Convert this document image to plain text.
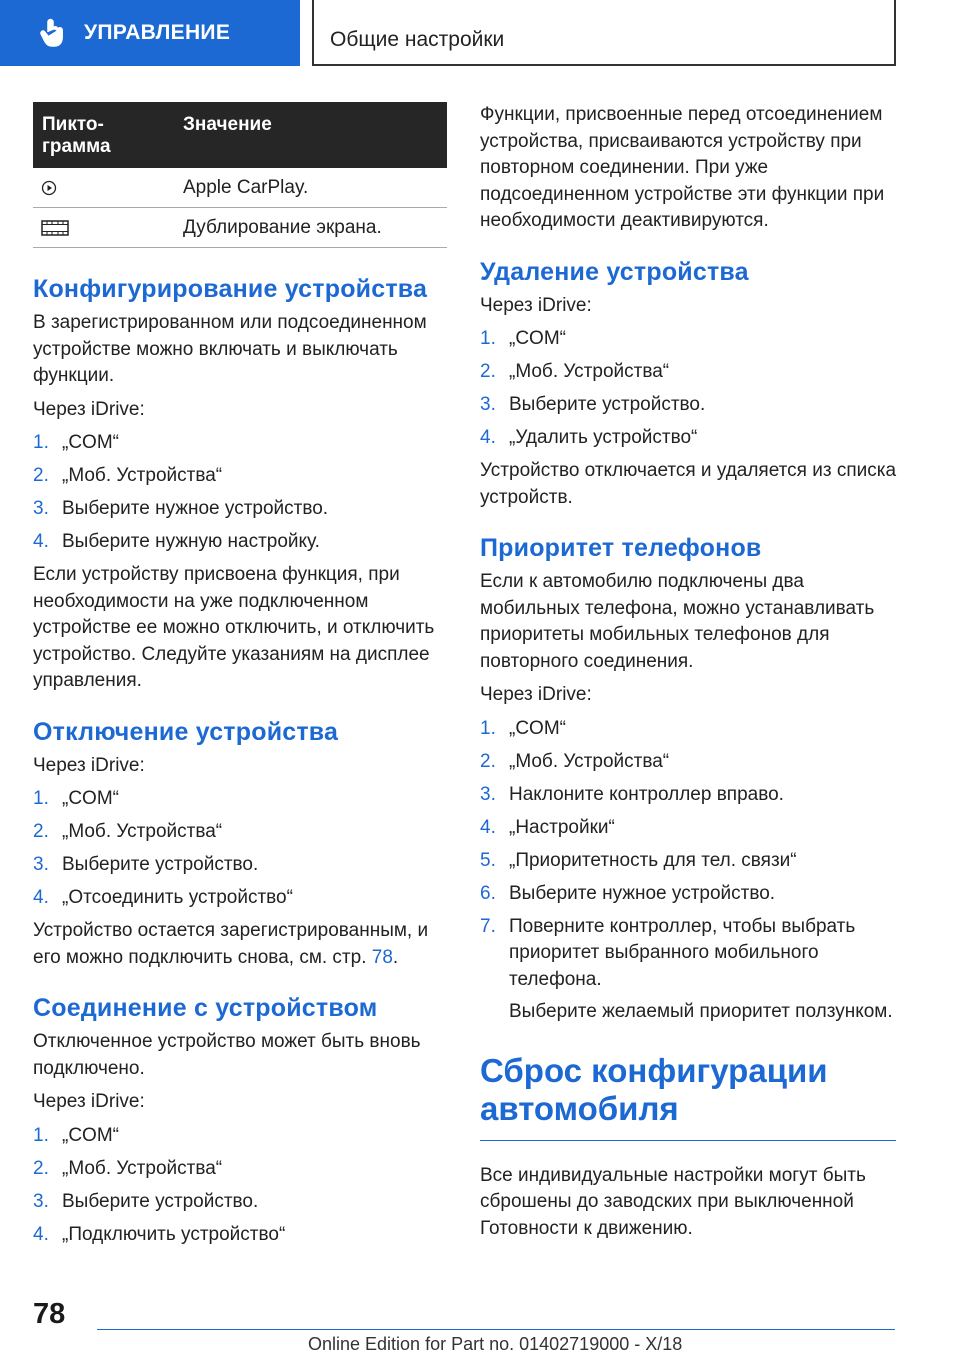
УПРАВЛЕНИЕ	Общие настройки
Пикто-
грамма
Значение
Apple CarPlay.
Дублирование экрана.
Конфигурирование устройства
В зарегистрированном или подсоединенном устройстве можно включать и выключать функции.
Через iDrive:
1. „COM“
2. „Моб. Устройства“
3. Выберите нужное устройство.
4. Выберите нужную настройку.
Если устройству присвоена функция, при необходимости на уже подключенном устройстве ее можно отключить, и отключить устройство. Следуйте указаниям на дисплее управления.
Отключение устройства
Через iDrive:
1. „COM“
2. „Моб. Устройства“
3. Выберите устройство.
4. „Отсоединить устройство“
Устройство остается зарегистрированным, и его можно подключить снова, см. стр. 78.
Соединение с устройством
Отключенное устройство может быть вновь подключено.
Через iDrive:
1. „COM“
2. „Моб. Устройства“
3. Выберите устройство.
4. „Подключить устройство“
Функции, присвоенные перед отсоединением устройства, присваиваются устройству при повторном соединении. При уже подсоединенном устройстве эти функции при необходимости деактивируются.
Удаление устройства
Через iDrive:
1. „COM“
2. „Моб. Устройства“
3. Выберите устройство.
4. „Удалить устройство“
Устройство отключается и удаляется из списка устройств.
Приоритет телефонов
Если к автомобилю подключены два мобильных телефона, можно устанавливать приоритеты мобильных телефонов для повторного соединения.
Через iDrive:
1. „COM“
2. „Моб. Устройства“
3. Наклоните контроллер вправо.
4. „Настройки“
5. „Приоритетность для тел. связи“
6. Выберите нужное устройство.
7. Поверните контроллер, чтобы выбрать приоритет выбранного мобильного телефона.
Выберите желаемый приоритет ползунком.
Сброс конфигурации автомобиля
Все индивидуальные настройки могут быть сброшены до заводских при выключенной Готовности к движению.
78
Online Edition for Part no. 01402719000 - X/18
